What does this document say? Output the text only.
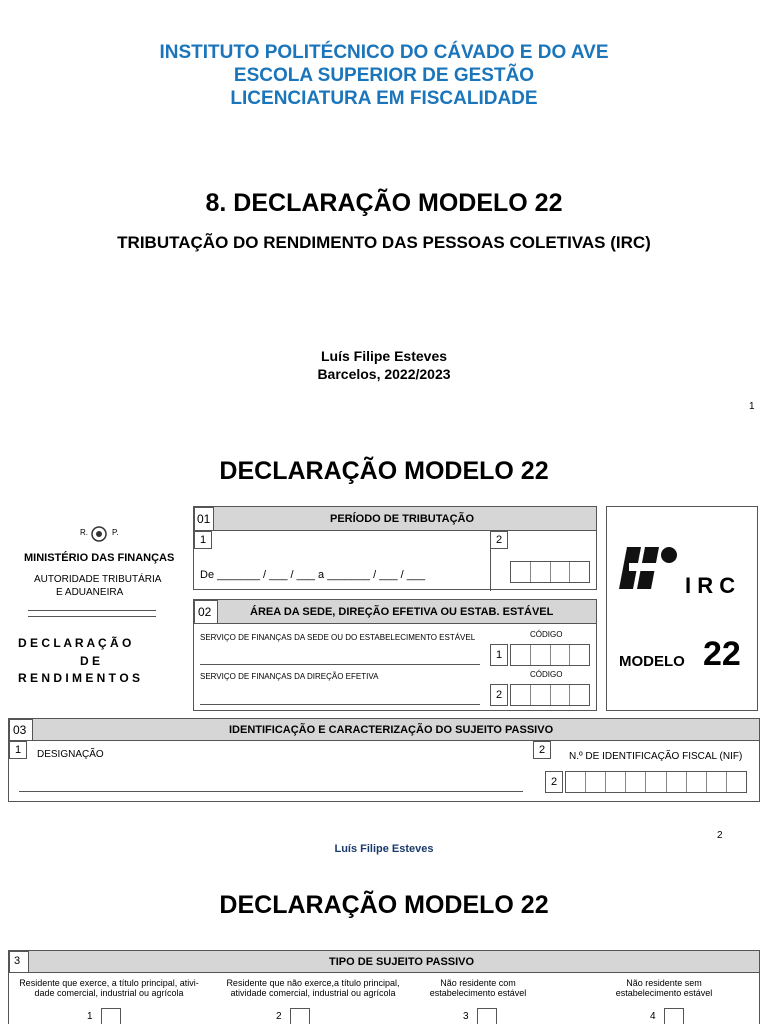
INSTITUTO POLITÉCNICO DO CÁVADO E DO AVE
ESCOLA SUPERIOR DE GESTÃO
LICENCIATURA EM FISCALIDADE
8. DECLARAÇÃO MODELO 22
TRIBUTAÇÃO DO RENDIMENTO DAS PESSOAS COLETIVAS (IRC)
Luís Filipe Esteves
Barcelos, 2022/2023
1
DECLARAÇÃO MODELO 22
R.	P.
MINISTÉRIO DAS FINANÇAS
AUTORIDADE TRIBUTÁRIA
E ADUANEIRA
D E C L A R A Ç Ã O
D E
R E N D I M E N T O S
01	PERÍODO DE TRIBUTAÇÃO
1	2
De _______ / ___ / ___ a _______ / ___ / ___
02	ÁREA DA SEDE, DIREÇÃO EFETIVA OU ESTAB. ESTÁVEL
SERVIÇO DE FINANÇAS DA SEDE OU DO ESTABELECIMENTO ESTÁVEL	CÓDIGO
1
SERVIÇO DE FINANÇAS DA DIREÇÃO EFETIVA	CÓDIGO
2
I R C
MODELO 22
03	IDENTIFICAÇÃO E CARACTERIZAÇÃO DO SUJEITO PASSIVO
1	DESIGNAÇÃO	2
N.º DE IDENTIFICAÇÃO FISCAL (NIF)
2
2
Luís Filipe Esteves
DECLARAÇÃO MODELO 22
3	TIPO DE SUJEITO PASSIVO
Residente que exerce, a título principal, ativi-
dade comercial, industrial ou agrícola
Residente que não exerce,a título principal,
atividade comercial, industrial ou agrícola
Não residente com
estabelecimento estável
Não residente sem
estabelecimento estável
1	2	3	4
